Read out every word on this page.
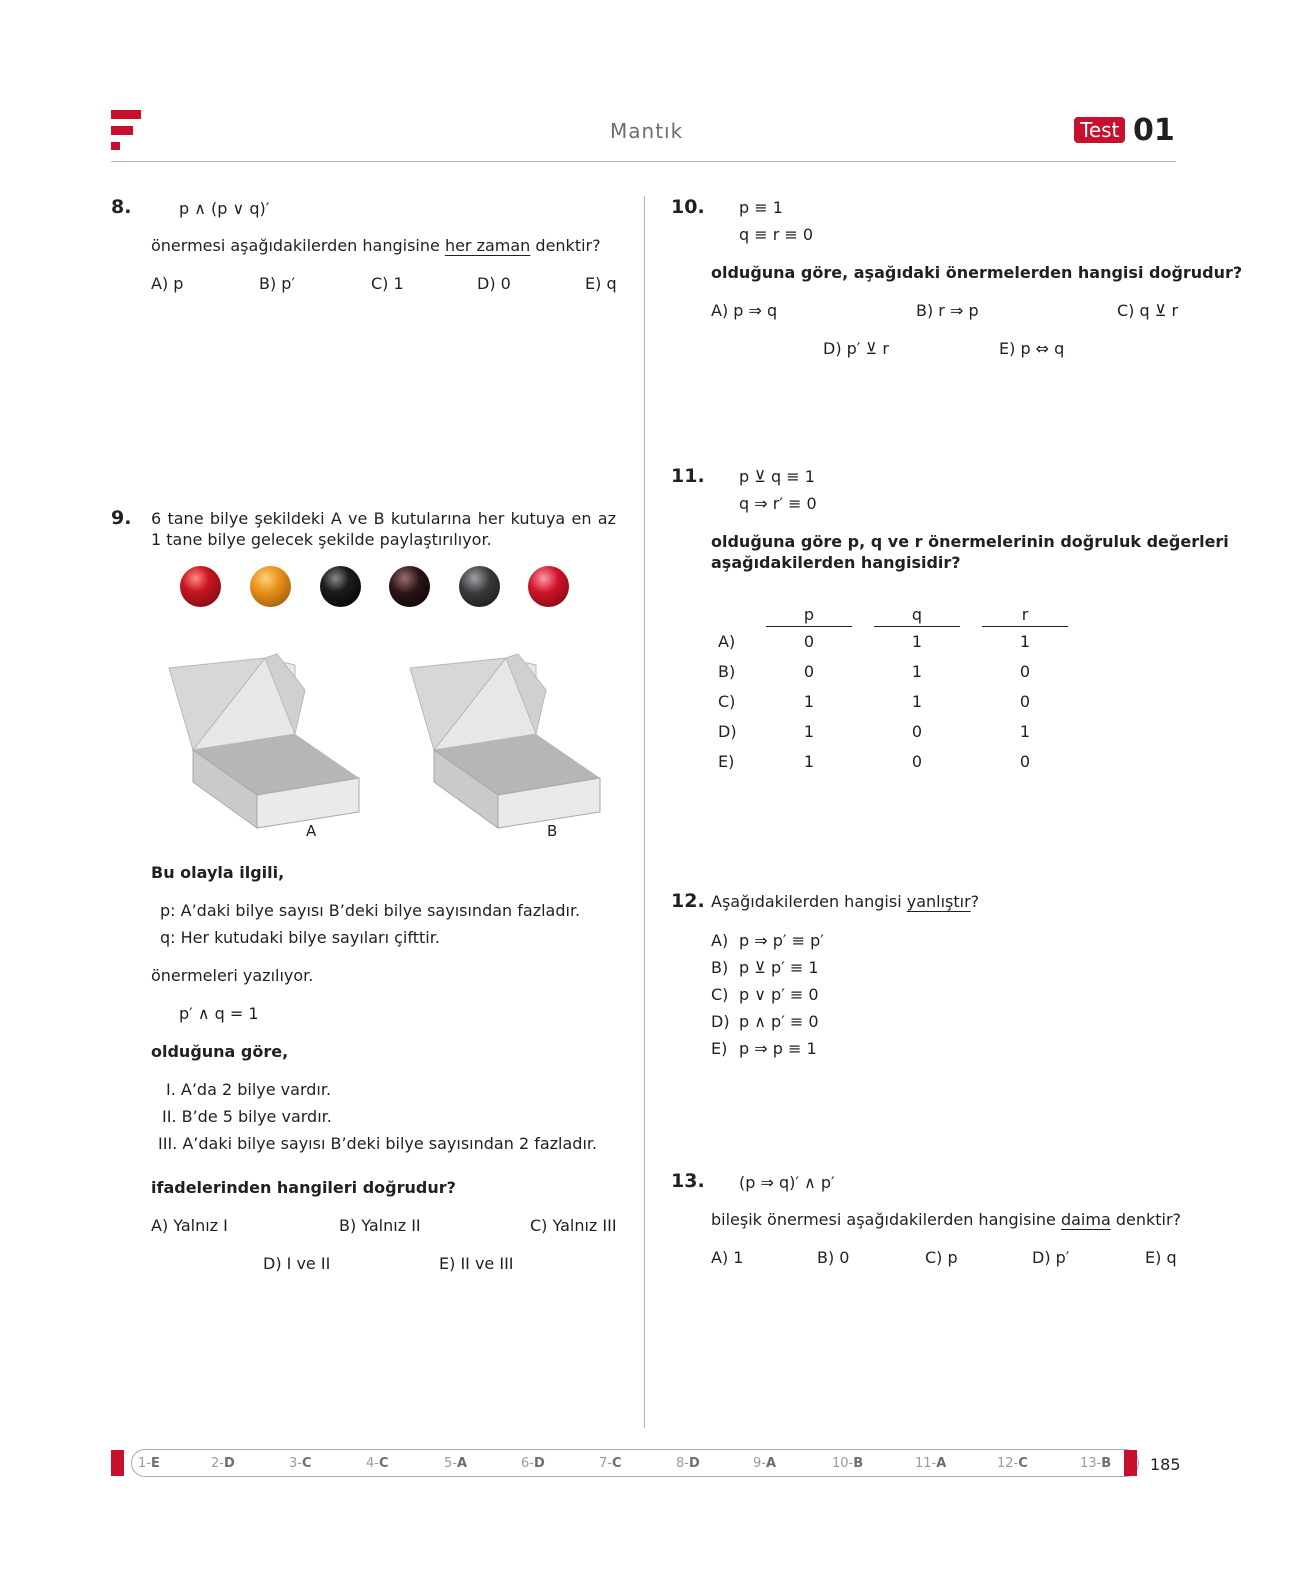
Mantık	Test 01
8.	p ∧ (p ∨ q)′
önermesi aşağıdakilerden hangisine her zaman denktir?
A) p	B) p′	C) 1	D) 0	E) q
9. 6 tane bilye şekildeki A ve B kutularına her kutuya en az
1 tane bilye gelecek şekilde paylaştırılıyor.
A	B
Bu olayla ilgili,
p: A’daki bilye sayısı B’deki bilye sayısından fazladır.
q: Her kutudaki bilye sayıları çifttir.
önermeleri yazılıyor.
p′ ∧ q = 1
olduğuna göre,
I. A’da 2 bilye vardır.
II. B’de 5 bilye vardır.
III. A’daki bilye sayısı B’deki bilye sayısından 2 fazladır.
ifadelerinden hangileri doğrudur?
A) Yalnız I	B) Yalnız II	C) Yalnız III
D) I ve II	E) II ve III
10. p ≡ 1
q ≡ r ≡ 0
olduğuna göre, aşağıdaki önermelerden hangisi doğrudur?
A) p ⇒ q	B) r ⇒ p	C) q ⊻ r
D) p′ ⊻ r	E) p ⇔ q
11. p ⊻ q ≡ 1
q ⇒ r′ ≡ 0
olduğuna göre p, q ve r önermelerinin doğruluk değerleri
aşağıdakilerden hangisidir?
	p		q		r
A)	0		1		1
B)	0		1		0
C)	1		1		0
D)	1		0		1
E)	1		0		0
12. Aşağıdakilerden hangisi yanlıştır?
A) p ⇒ p′ ≡ p′
B) p ⊻ p′ ≡ 1
C) p ∨ p′ ≡ 0
D) p ∧ p′ ≡ 0
E) p ⇒ p ≡ 1
13. (p ⇒ q)′ ∧ p′
bileşik önermesi aşağıdakilerden hangisine daima denktir?
A) 1	B) 0	C) p	D) p′	E) q
185
1-E	2-D	3-C	4-C	5-A	6-D	7-C	8-D	9-A	10-B	11-A	12-C	13-B
